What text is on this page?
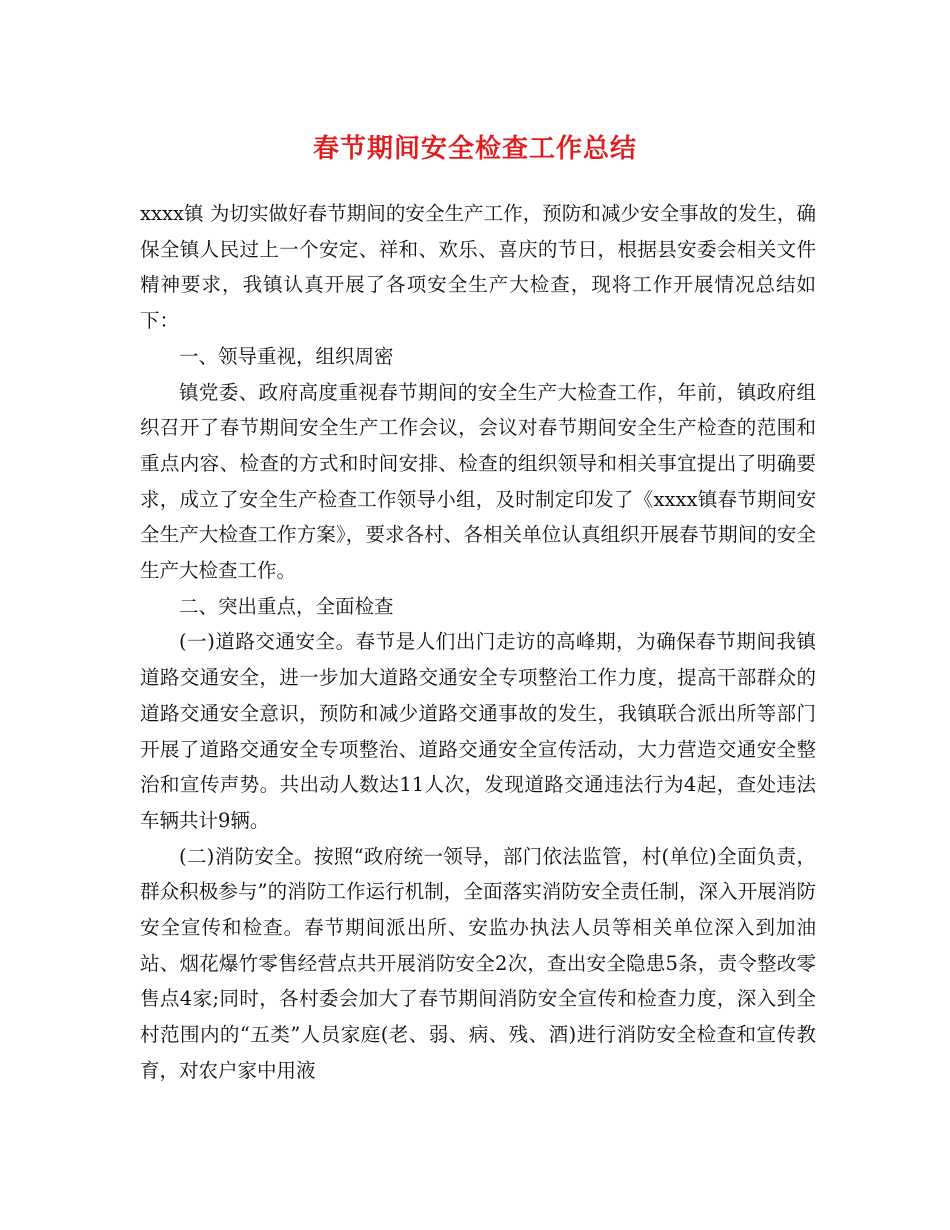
春节期间安全检查工作总结

xxxx镇 为切实做好春节期间的安全生产工作，预防和减少安全事故的发生，确保全镇人民过上一个安定、祥和、欢乐、喜庆的节日，根据县安委会相关文件精神要求，我镇认真开展了各项安全生产大检查，现将工作开展情况总结如下：

一、领导重视，组织周密

镇党委、政府高度重视春节期间的安全生产大检查工作，年前，镇政府组织召开了春节期间安全生产工作会议，会议对春节期间安全生产检查的范围和重点内容、检查的方式和时间安排、检查的组织领导和相关事宜提出了明确要求，成立了安全生产检查工作领导小组，及时制定印发了《xxxx镇春节期间安全生产大检查工作方案》，要求各村、各相关单位认真组织开展春节期间的安全生产大检查工作。

二、突出重点，全面检查

(一)道路交通安全。春节是人们出门走访的高峰期，为确保春节期间我镇道路交通安全，进一步加大道路交通安全专项整治工作力度，提高干部群众的道路交通安全意识，预防和减少道路交通事故的发生，我镇联合派出所等部门开展了道路交通安全专项整治、道路交通安全宣传活动，大力营造交通安全整治和宣传声势。共出动人数达11人次，发现道路交通违法行为4起，查处违法车辆共计9辆。

(二)消防安全。按照“政府统一领导，部门依法监管，村(单位)全面负责，群众积极参与”的消防工作运行机制，全面落实消防安全责任制，深入开展消防安全宣传和检查。春节期间派出所、安监办执法人员等相关单位深入到加油站、烟花爆竹零售经营点共开展消防安全2次，查出安全隐患5条，责令整改零售点4家;同时，各村委会加大了春节期间消防安全宣传和检查力度，深入到全村范围内的“五类”人员家庭(老、弱、病、残、酒)进行消防安全检查和宣传教育，对农户家中用液
